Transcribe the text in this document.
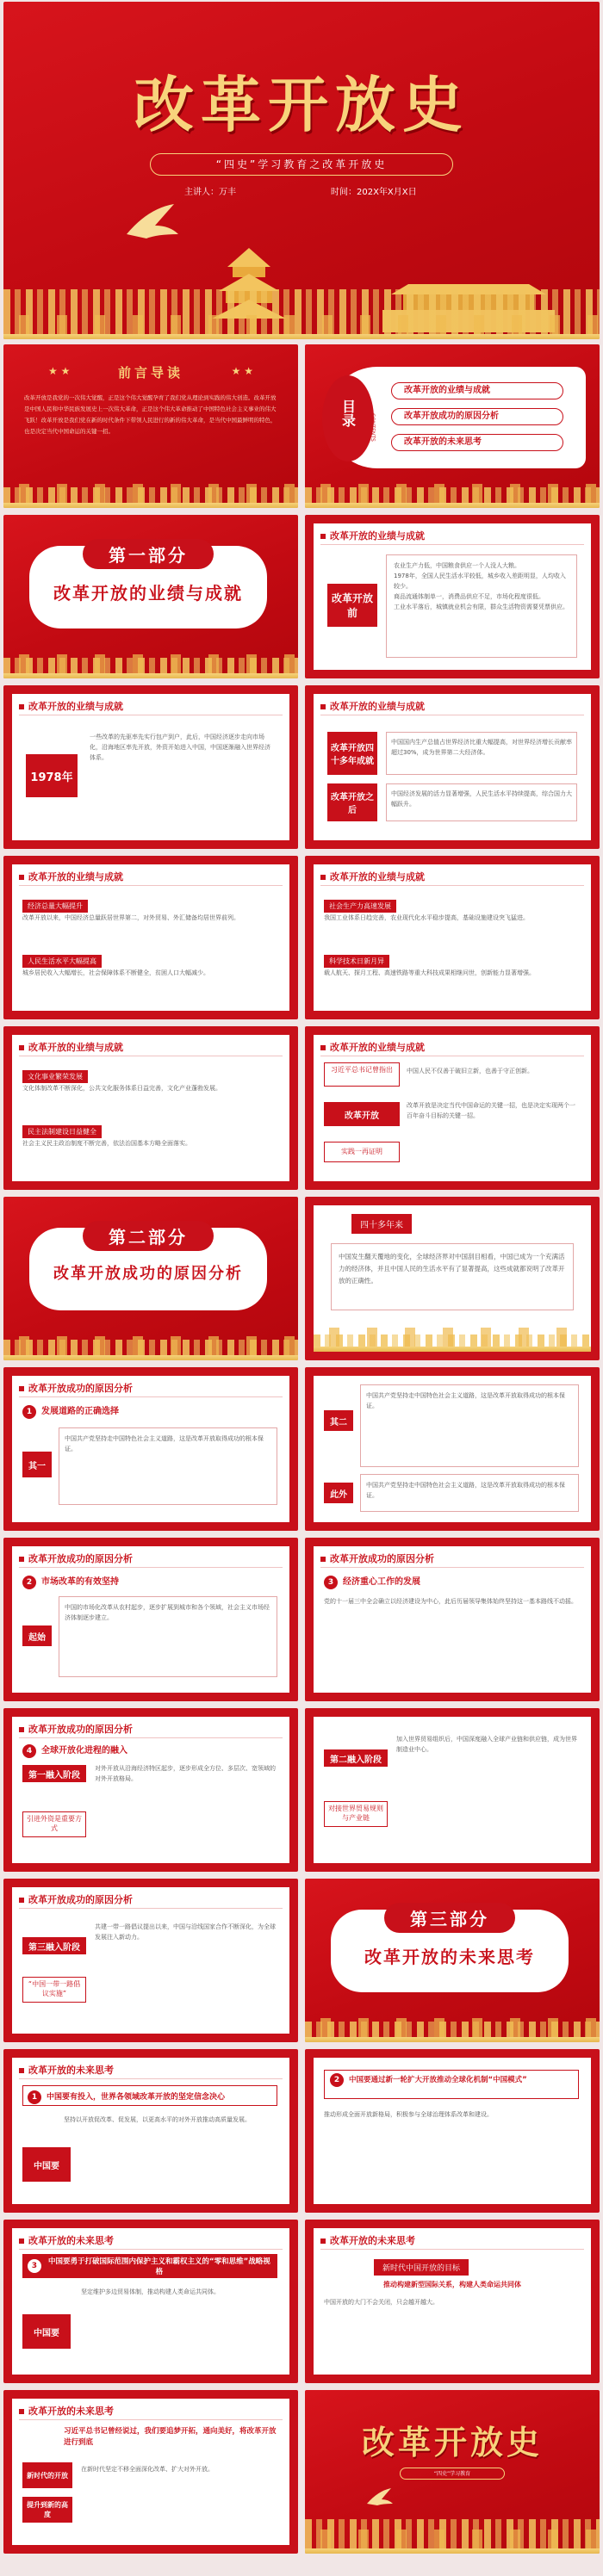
改革开放史
“四史”学习教育之改革开放史
主讲人：万丰	时间：202X年X月X日
★ ★	前言导读	★ ★
改革开放是我党的一次伟大觉醒，正是这个伟大觉醒孕育了我们党从理论到实践的伟大创造。改革开放是中国人民和中华民族发展史上一次伟大革命，正是这个伟大革命推动了中国特色社会主义事业的伟大飞跃！改革开放是我们党在新的时代条件下带领人民进行的新的伟大革命，是当代中国最鲜明的特色，也是决定当代中国命运的关键一招。
目录	CONTENTS
改革开放的业绩与成就
改革开放成功的原因分析
改革开放的未来思考
第一部分
改革开放的业绩与成就
改革开放的业绩与成就
改革开放前
农业生产力低，中国粮食供应一个人没人大粮。
1978年，全国人民生活水平较低，城乡收入差距明显，人均收入较少。
商品流通体制单一，消费品供应不足，市场化程度很低。
工业水平落后，城镇就业机会有限，群众生活物资需要凭票供应。
改革开放的业绩与成就
1978年
一些改革的先驱率先实行包产到户，此后，中国经济逐步走向市场化，沿海地区率先开放，外资开始进入中国，中国逐渐融入世界经济体系。
改革开放的业绩与成就
改革开放四十多年成就
改革开放之后
中国国内生产总值占世界经济比重大幅提高，对世界经济增长贡献率超过30%，成为世界第二大经济体。
中国经济发展的活力显著增强，人民生活水平持续提高，综合国力大幅跃升。
改革开放的业绩与成就
经济总量大幅提升
改革开放以来，中国经济总量跃居世界第二，对外贸易、外汇储备均居世界前列。
人民生活水平大幅提高
城乡居民收入大幅增长，社会保障体系不断健全，贫困人口大幅减少。
改革开放的业绩与成就
社会生产力高速发展
我国工业体系日趋完善，农业现代化水平稳步提高，基础设施建设突飞猛进。
科学技术日新月异
载人航天、探月工程、高速铁路等重大科技成果相继问世，创新能力显著增强。
改革开放的业绩与成就
文化事业繁荣发展
文化体制改革不断深化，公共文化服务体系日益完善，文化产业蓬勃发展。
民主法制建设日益健全
社会主义民主政治制度不断完善，依法治国基本方略全面落实。
改革开放的业绩与成就
习近平总书记曾指出	中国人民不仅善于破旧立新，也善于守正创新。
改革开放
改革开放是决定当代中国命运的关键一招，也是决定实现两个一百年奋斗目标的关键一招。
实践一再证明
第二部分
改革开放成功的原因分析
四十多年来
中国发生翻天覆地的变化，全球经济界对中国刮目相看，中国已成为一个充满活力的经济体，并且中国人民的生活水平有了显著提高，这些成就都说明了改革开放的正确性。
改革开放成功的原因分析
1 发展道路的正确选择
其一
中国共产党坚持走中国特色社会主义道路，这是改革开放取得成功的根本保证。
其二
中国共产党坚持走中国特色社会主义道路，这是改革开放取得成功的根本保证。
此外
中国共产党坚持走中国特色社会主义道路，这是改革开放取得成功的根本保证。
改革开放成功的原因分析
2 市场改革的有效坚持
起始
中国的市场化改革从农村起步，逐步扩展到城市和各个领域，社会主义市场经济体制逐步建立。
改革开放成功的原因分析
3 经济重心工作的发展
党的十一届三中全会确立以经济建设为中心，此后历届领导集体始终坚持这一基本路线不动摇。
改革开放成功的原因分析
4 全球开放化进程的融入
第一融入阶段
引进外资是重要方式
对外开放从沿海经济特区起步，逐步形成全方位、多层次、宽领域的对外开放格局。
第二融入阶段
对接世界贸易规则与产业链
加入世界贸易组织后，中国深度融入全球产业链和供应链，成为世界制造业中心。
改革开放成功的原因分析
第三融入阶段
“中国一带一路倡议实施”
共建一带一路倡议提出以来，中国与沿线国家合作不断深化，为全球发展注入新动力。
第三部分
改革开放的未来思考
改革开放的未来思考
1 中国要有投入，世界各领域改革开放的坚定信念决心
坚持以开放促改革、促发展，以更高水平的对外开放推动高质量发展。
中国要
2 中国要通过新一轮扩大开放推动全球化机制“中国模式”
推动形成全面开放新格局，积极参与全球治理体系改革和建设。
改革开放的未来思考
3	中国要勇于打破国际范围内保护主义和霸权主义的“零和思维”战略视格
坚定维护多边贸易体制，推动构建人类命运共同体。
中国要
改革开放的未来思考
新时代中国开放的目标
推动构建新型国际关系，构建人类命运共同体
中国开放的大门不会关闭，只会越开越大。
改革开放的未来思考
习近平总书记曾经说过，我们要追梦开拓，通向美好，将改革开放进行到底
新时代的开放
提升到新的高度
在新时代坚定不移全面深化改革、扩大对外开放。
改革开放史
“四史”学习教育
